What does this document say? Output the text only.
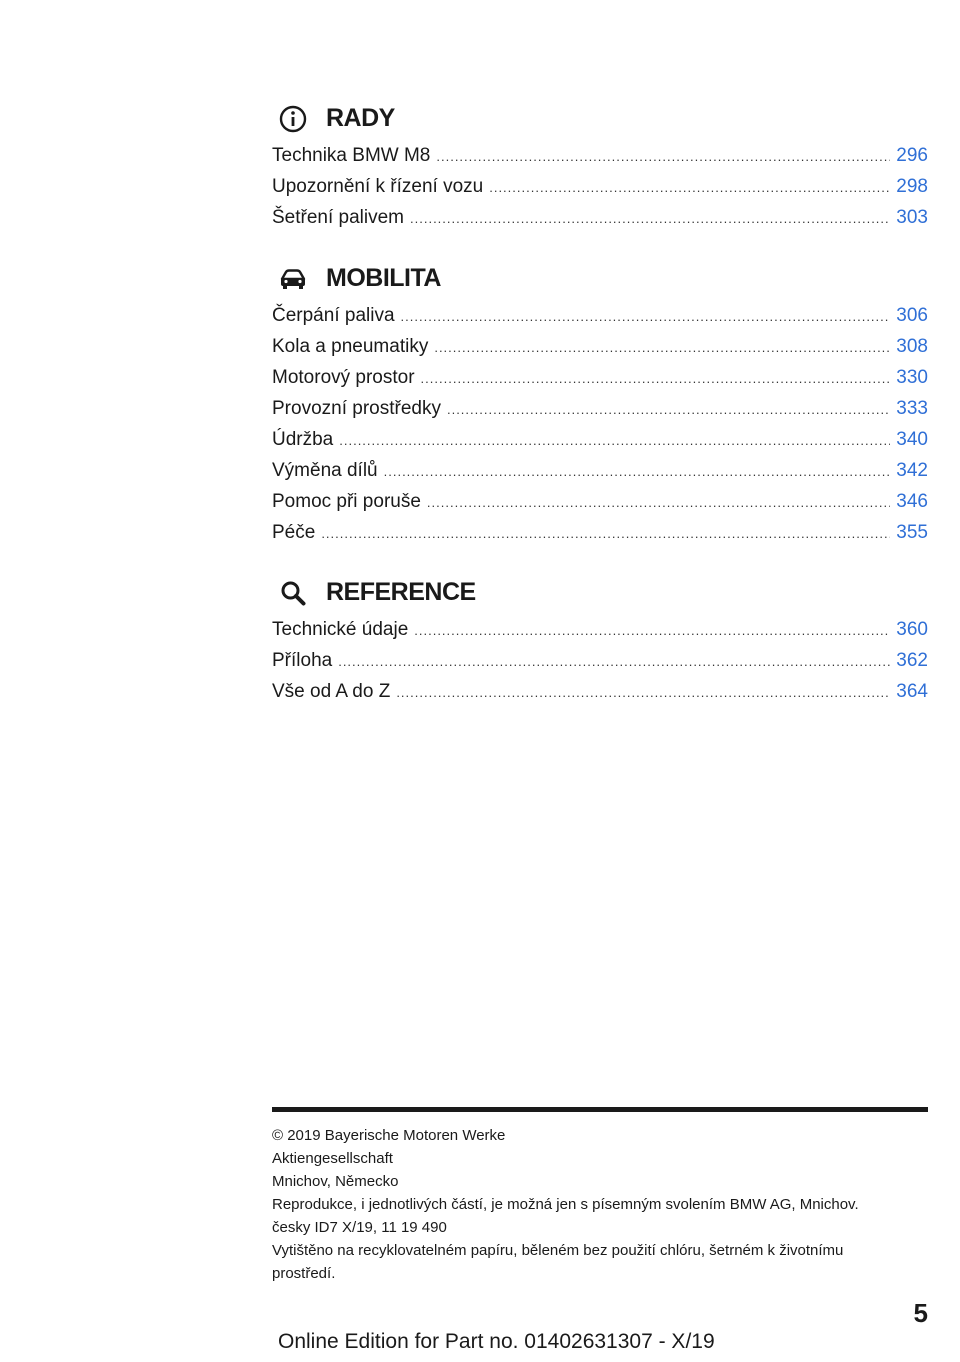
RADY
Technika BMW M8 .....	296
Upozornění k řízení vozu .....	298
Šetření palivem .....	303
MOBILITA
Čerpání paliva .....	306
Kola a pneumatiky .....	308
Motorový prostor .....	330
Provozní prostředky .....	333
Údržba .....	340
Výměna dílů .....	342
Pomoc při poruše .....	346
Péče .....	355
REFERENCE
Technické údaje .....	360
Příloha .....	362
Vše od A do Z .....	364
© 2019 Bayerische Motoren Werke
Aktiengesellschaft
Mnichov, Německo
Reprodukce, i jednotlivých částí, je možná jen s písemným svolením BMW AG, Mnichov.
česky ID7 X/19, 11 19 490
Vytištěno na recyklovatelném papíru, běleném bez použití chlóru, šetrném k životnímu
prostředí.
5
Online Edition for Part no. 01402631307 - X/19
